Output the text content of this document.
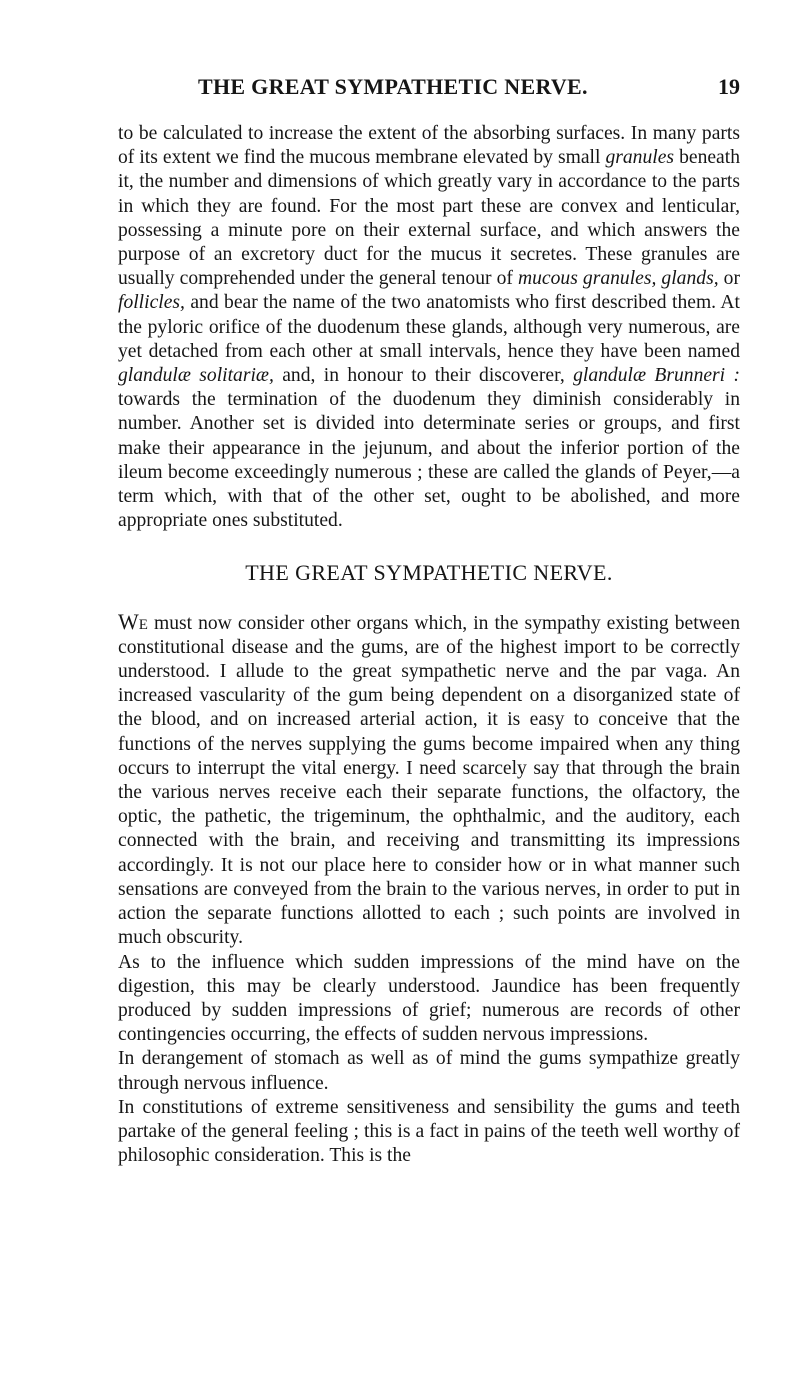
THE GREAT SYMPATHETIC NERVE.	19

to be calculated to increase the extent of the absorbing surfaces. In many parts of its extent we find the mucous membrane elevated by small granules beneath it, the number and dimensions of which greatly vary in accordance to the parts in which they are found. For the most part these are convex and lenticular, possessing a minute pore on their external surface, and which answers the purpose of an excretory duct for the mucus it secretes. These granules are usually comprehended under the general tenour of mucous granules, glands, or follicles, and bear the name of the two anatomists who first described them. At the pyloric orifice of the duodenum these glands, although very numerous, are yet detached from each other at small intervals, hence they have been named glandulæ solitariæ, and, in honour to their discoverer, glandulæ Brunneri : towards the termination of the duodenum they diminish considerably in number. Another set is divided into determinate series or groups, and first make their appearance in the jejunum, and about the inferior portion of the ileum become exceedingly numerous ; these are called the glands of Peyer,—a term which, with that of the other set, ought to be abolished, and more appropriate ones substituted.

THE GREAT SYMPATHETIC NERVE.

We must now consider other organs which, in the sympathy existing between constitutional disease and the gums, are of the highest import to be correctly understood. I allude to the great sympathetic nerve and the par vaga. An increased vascularity of the gum being dependent on a disorganized state of the blood, and on increased arterial action, it is easy to conceive that the functions of the nerves supplying the gums become impaired when any thing occurs to interrupt the vital energy. I need scarcely say that through the brain the various nerves receive each their separate functions, the olfactory, the optic, the pathetic, the trigeminum, the ophthalmic, and the auditory, each connected with the brain, and receiving and transmitting its impressions accordingly. It is not our place here to consider how or in what manner such sensations are conveyed from the brain to the various nerves, in order to put in action the separate functions allotted to each ; such points are involved in much obscurity.

As to the influence which sudden impressions of the mind have on the digestion, this may be clearly understood. Jaundice has been frequently produced by sudden impressions of grief; numerous are records of other contingencies occurring, the effects of sudden nervous impressions.

In derangement of stomach as well as of mind the gums sympathize greatly through nervous influence.

In constitutions of extreme sensitiveness and sensibility the gums and teeth partake of the general feeling ; this is a fact in pains of the teeth well worthy of philosophic consideration. This is the
